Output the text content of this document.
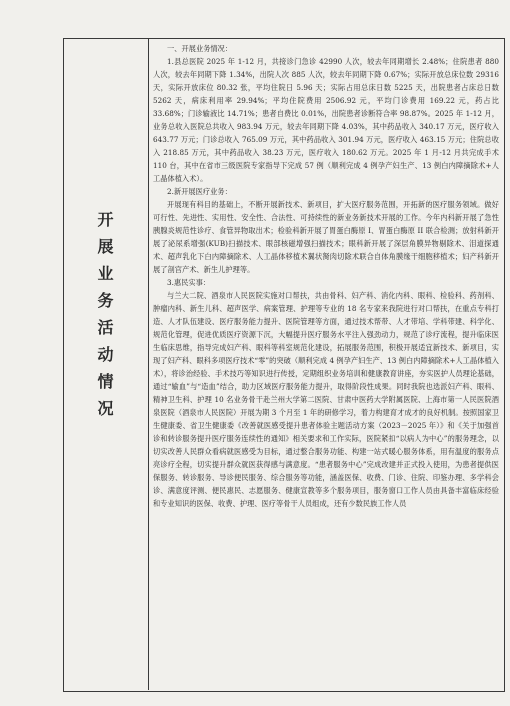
开
展
业
务
活
动
情
况

一、开展业务情况：

1.县总医院 2025 年 1-12 月，共接诊门急诊 42990 人次，较去年同期增长 2.48%；住院患者 880 人次，较去年同期下降 1.34%，出院人次 885 人次，较去年同期下降 0.67%；实际开放总床位数 29316 天，实际开放床位 80.32 张，平均住院日 5.96 天；实际占用总床日数 5225 天，出院患者占床总日数 5262 天，病床利用率 29.94%；平均住院费用 2506.92 元，平均门诊费用 169.22 元，药占比 33.68%；门诊输液比 14.71%；患者自费比 0.01%，出院患者诊断符合率 98.87%。2025 年 1-12 月，业务总收入医院总共收入 983.94 万元，较去年同期下降 4.03%，其中药品收入 340.17 万元，医疗收入 643.77 万元；门诊总收入 765.09 万元，其中药品收入 301.94 万元，医疗收入 463.15 万元；住院总收入 218.85 万元，其中药品收入 38.23 万元，医疗收入 180.62 万元。2025 年 1 月-12 月共完成手术 110 台，其中在省市三级医院专家指导下完成 57 例（顺利完成 4 例孕产妇生产、13 例白内障摘除术+人工晶体植入术）。

2.新开展医疗业务：

开展现有科目的基础上，不断开展新技术、新项目，扩大医疗服务范围，开拓新的医疗服务领域。做好可行性、先进性、实用性、安全性、合法性、可持续性的新业务新技术开展的工作。今年内科新开展了急性胰腺炎规范性诊疗、食管异物取出术；检验科新开展了胃蛋白酶原 I、胃蛋白酶原 II 联合检测；放射科新开展了泌尿系增强(KUB)扫描技术、眼部核磁增强扫描技术；眼科新开展了深层角膜异物剔除术、泪道探通术、超声乳化下白内障摘除术、人工晶体移植术翼状胬肉切除术联合自体角膜缘干细胞移植术；妇产科新开展了剖宫产术、新生儿护理等。

3.惠民实事：

与兰大二院、酒泉市人民医院实施对口帮扶，共由骨科、妇产科、消化内科、眼科、检验科、药剂科、肿瘤内科、新生儿科、超声医学、病案管理、护理等专业的 18 名专家来我院进行对口帮扶，在重点专科打造、人才队伍建设、医疗服务能力提升、医院管理等方面，通过技术帮带、人才带培、学科带建、科学化、规范化管理，促进优质医疗资源下沉，大幅提升医疗服务水平注入强劲动力，规范了诊疗流程，提升临床医生临床思维，指导完成妇产科、眼科等科室规范化建设，拓展服务范围，积极开展适宜新技术、新项目，实现了妇产科、眼科多项医疗技术“零”的突破（顺利完成 4 例孕产妇生产、13 例白内障摘除术+人工晶体植入术），将诊治经验、手术技巧等知识进行传授，定期组织业务培训和健康教育讲座，夯实医护人员理论基础，通过“输血”与“造血”结合，助力区域医疗服务能力提升，取得阶段性成果。同时我院也选派妇产科、眼科、精神卫生科、护理 10 名业务骨干赴兰州大学第二医院、甘肃中医药大学附属医院、上海市第一人民医院酒泉医院（酒泉市人民医院）开展为期 3 个月至 1 年的研修学习，着力构建育才成才的良好机制。按照国家卫生健康委、省卫生健康委《改善就医感受提升患者体验主题活动方案（2023－2025 年）》和《关于加强首诊和转诊服务提升医疗服务连续性的通知》相关要求和工作实际，医院紧扣“以病人为中心”的服务理念，以切实改善人民群众看病就医感受为目标，通过整合服务功能、构建一站式暖心服务体系，用有温度的服务点亮诊疗全程，切实提升群众就医获得感与满意度。“患者服务中心”完成改建并正式投入使用，为患者提供医保服务、转诊服务、导诊便民服务、综合服务等功能，涵盖医保、收费、门诊、住院、印鉴办理、多学科会诊、满意度评测、便民惠民、志愿服务、健康宣教等多个服务项目，服务窗口工作人员由具备丰富临床经验和专业知识的医保、收费、护理、医疗等骨干人员组成，还有少数民族工作人员
